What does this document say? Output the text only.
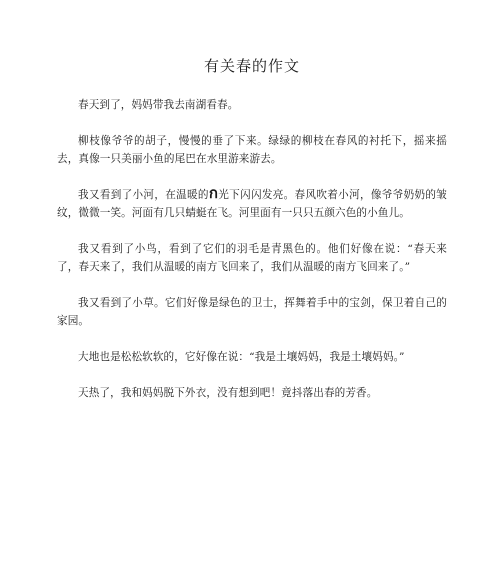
有关春的作文

春天到了，妈妈带我去南湖看春。

柳枝像爷爷的胡子，慢慢的垂了下来。绿绿的柳枝在春风的衬托下，摇来摇去，真像一只美丽小鱼的尾巴在水里游来游去。

我又看到了小河，在温暖的ก光下闪闪发亮。春风吹着小河，像爷爷奶奶的皱纹，微微一笑。河面有几只蜻蜓在飞。河里面有一只只五颜六色的小鱼儿。

我又看到了小鸟，看到了它们的羽毛是青黑色的。他们好像在说：“春天来了，春天来了，我们从温暖的南方飞回来了，我们从温暖的南方飞回来了。”

我又看到了小草。它们好像是绿色的卫士，挥舞着手中的宝剑，保卫着自己的家园。

大地也是松松软软的，它好像在说：“我是土壤妈妈，我是土壤妈妈。”

天热了，我和妈妈脱下外衣，没有想到吧！竟抖落出春的芳香。
